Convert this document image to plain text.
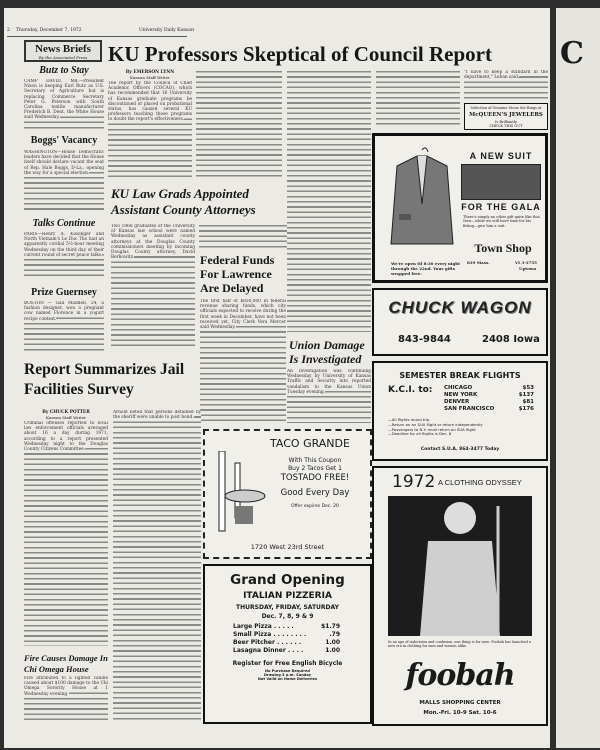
2 Thursday, December 7, 1972	University Daily Kansan
News Briefs
By the Associated Press KU Professors Skeptical of Council Report
Butz to Stay
CAMP DAVID, Md.—President Nixon is keeping Earl Butz as U.S. Secretary of Agriculture but is replacing Commerce Secretary Peter G. Peterson with South Carolina textile manufacturer Frederick B. Dent, the White House said Wednesday.
Boggs' Vacancy
WASHINGTON—House Democratic leaders have decided that the House itself should declare vacant the seat of Rep. Hale Boggs, D-La., opening the way for a special election.
Talks Continue
PARIS—Henry A. Kissinger and North Vietnam's Le Duc Tho had an apparently cordial 5½-hour meeting Wednesday on the third day of their current round of secret peace talks.
Prize Guernsey
BOSTON — Gail Madden, 24, a fashion designer, won a pregnant cow named Florence in a yogurt recipe contest.
By EMERSON LYNN
Kansan Staff Writer
The report by the Council of Chief Academic Officers (COCAO), which has recommended that 16 University of Kansas graduate programs be discontinued or placed on probational status, has caused several KU professors teaching those programs to doubt the report's effectiveness.
"I have to keep a standard in the department," Leban said.
Selection of Genuine Stone Set Rings at
McQUEEN'S JEWELERS
Is Brilliantly
CHECK THIS OUT
KU Law Grads Appointed Assistant County Attorneys
Two 1968 graduates of the University of Kansas law school were named Wednesday as assistant county attorneys at the Douglas County commissioners meeting by incoming Douglas County attorney, David Berkowitz.	Federal Funds For Lawrence Are Delayed
The first half of $850,000 in federal revenue sharing funds, which city officials expected to receive during the first week in December, have not been received yet, City Clerk Vera Mercer said Wednesday.
Union Damage Is Investigated
An investigation was continuing Wednesday by University of Kansas Traffic and Security into reported vandalism to the Kansas Union Tuesday evening.
Report Summarizes Jail Facilities Survey
By CHUCK POTTER
Kansan Staff Writer
Criminal offenses reported to local law enforcement officials averaged about 16 a day during 1971, according to a report presented Wednesday night to the Douglas County Citizens Committee.
Arnold noted that persons detained by the sheriff were unable to post bond.
Fire Causes Damage In Chi Omega House
Fire attributed to a lighted candle caused about $100 damage to the Chi Omega Sorority House at 1 Wednesday evening.
A NEW SUIT
FOR THE GALA
There's simply no other gift quite like this. Now—while we still have time for his fitting—give him a suit.
We're open til 8:30 every night through the 22nd. Your gifts wrapped free.
Town Shop
839 Mass.	VI 3-3755
Uptown
CHUCK WAGON
843-9844	2408 Iowa
SEMESTER BREAK FLIGHTS
K.C.I. to: CHICAGO	$53
NEW YORK	$137
DENVER	$81
SAN FRANCISCO	$176
—All flights round trip
—Return on an SUA flight or return independently
—Passengers to N.Y. must return on SUA flight
—Deadline for all flights is Dec. 8
Contact S.U.A. 864-3477 Today
1972 A CLOTHING ODYSSEY
In an age of indecision and confusion, one thing is for sure. Foobah has launched a new era in clothing for men and women alike.
foobah
MALLS SHOPPING CENTER
Mon.-Fri. 10-9 Sat. 10-6
TACO GRANDE
With This Coupon
Buy 2 Tacos Get 1
TOSTADO FREE!
Good Every Day
Offer expires Dec. 20
1720 West 23rd Street
Grand Opening
ITALIAN PIZZERIA
THURSDAY, FRIDAY, SATURDAY
Dec. 7, 8, 9 & 9
Large Pizza . . . . .	$1.79
Small Pizza . . . . . . . .	.79
Beer Pitcher . . . . . .	1.00
Lasagna Dinner . . . .	1.00
Register for Free English Bicycle
No Purchase Required
Drawing 3 p.m. Sunday
Not Valid on Home Deliveries
C
